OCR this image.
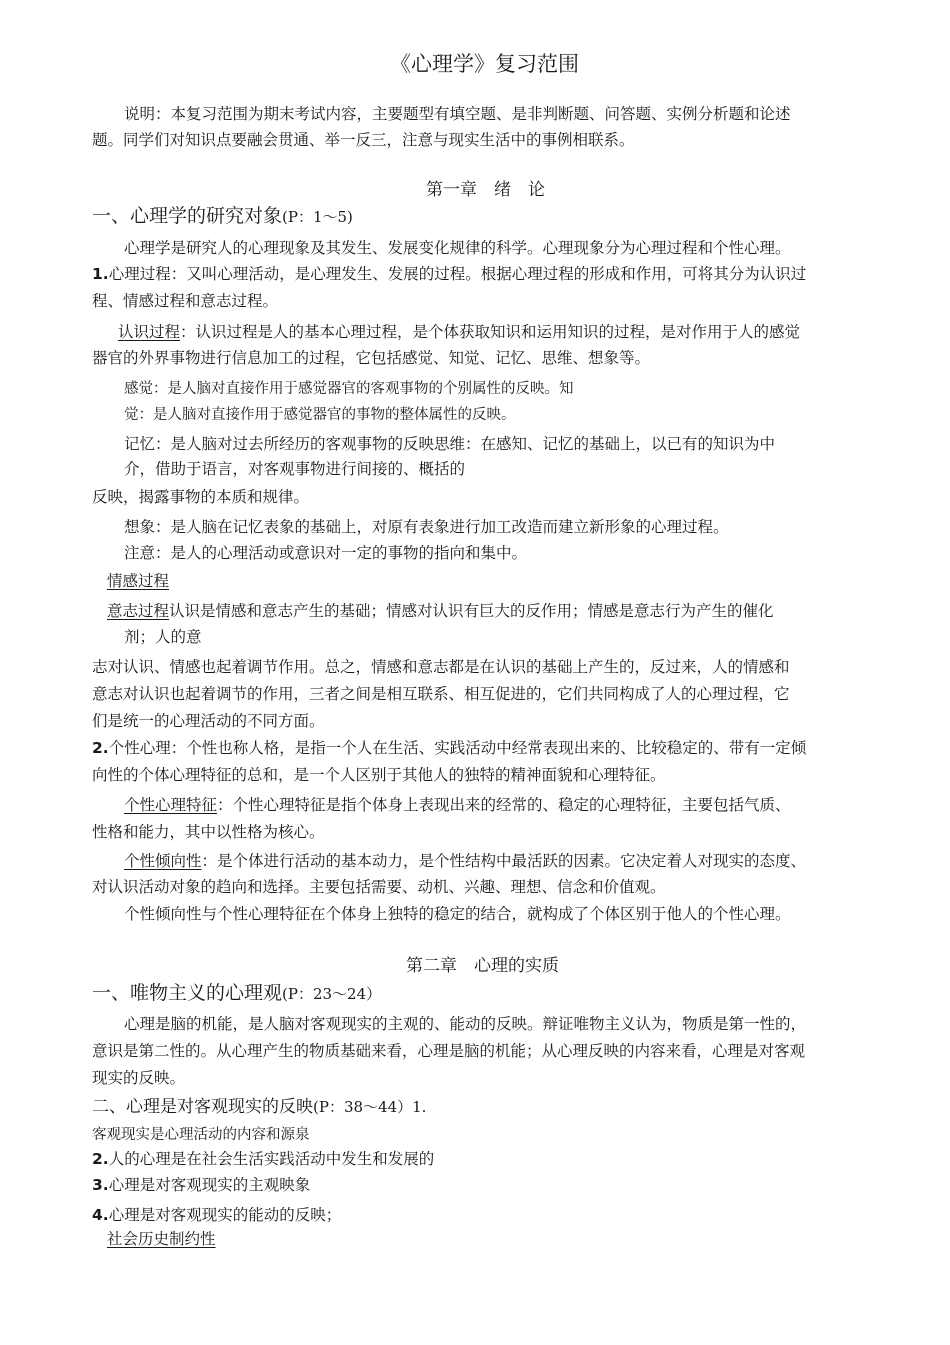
《心理学》复习范围
说明：本复习范围为期末考试内容，主要题型有填空题、是非判断题、问答题、实例分析题和论述
题。同学们对知识点要融会贯通、举一反三，注意与现实生活中的事例相联系。
第一章　绪　论
一、心理学的研究对象(P：1～5)
心理学是研究人的心理现象及其发生、发展变化规律的科学。心理现象分为心理过程和个性心理。
1.心理过程：又叫心理活动，是心理发生、发展的过程。根据心理过程的形成和作用，可将其分为认识过
程、情感过程和意志过程。
认识过程：认识过程是人的基本心理过程，是个体获取知识和运用知识的过程，是对作用于人的感觉
器官的外界事物进行信息加工的过程，它包括感觉、知觉、记忆、思维、想象等。
感觉：是人脑对直接作用于感觉器官的客观事物的个别属性的反映。知
觉：是人脑对直接作用于感觉器官的事物的整体属性的反映。
记忆：是人脑对过去所经历的客观事物的反映思维：在感知、记忆的基础上，以已有的知识为中
介，借助于语言，对客观事物进行间接的、概括的
反映，揭露事物的本质和规律。
想象：是人脑在记忆表象的基础上，对原有表象进行加工改造而建立新形象的心理过程。
注意：是人的心理活动或意识对一定的事物的指向和集中。
情感过程
意志过程认识是情感和意志产生的基础；情感对认识有巨大的反作用；情感是意志行为产生的催化
剂；人的意
志对认识、情感也起着调节作用。总之，情感和意志都是在认识的基础上产生的，反过来，人的情感和
意志对认识也起着调节的作用，三者之间是相互联系、相互促进的，它们共同构成了人的心理过程，它
们是统一的心理活动的不同方面。
2.个性心理：个性也称人格，是指一个人在生活、实践活动中经常表现出来的、比较稳定的、带有一定倾
向性的个体心理特征的总和，是一个人区别于其他人的独特的精神面貌和心理特征。
个性心理特征：个性心理特征是指个体身上表现出来的经常的、稳定的心理特征，主要包括气质、
性格和能力，其中以性格为核心。
个性倾向性：是个体进行活动的基本动力，是个性结构中最活跃的因素。它决定着人对现实的态度、
对认识活动对象的趋向和选择。主要包括需要、动机、兴趣、理想、信念和价值观。
个性倾向性与个性心理特征在个体身上独特的稳定的结合，就构成了个体区别于他人的个性心理。
第二章　心理的实质
一、唯物主义的心理观(P：23～24）
心理是脑的机能，是人脑对客观现实的主观的、能动的反映。辩证唯物主义认为，物质是第一性的，
意识是第二性的。从心理产生的物质基础来看，心理是脑的机能；从心理反映的内容来看，心理是对客观
现实的反映。
二、心理是对客观现实的反映(P：38～44）1.
客观现实是心理活动的内容和源泉
2.人的心理是在社会生活实践活动中发生和发展的
3.心理是对客观现实的主观映象
4.心理是对客观现实的能动的反映；
社会历史制约性
